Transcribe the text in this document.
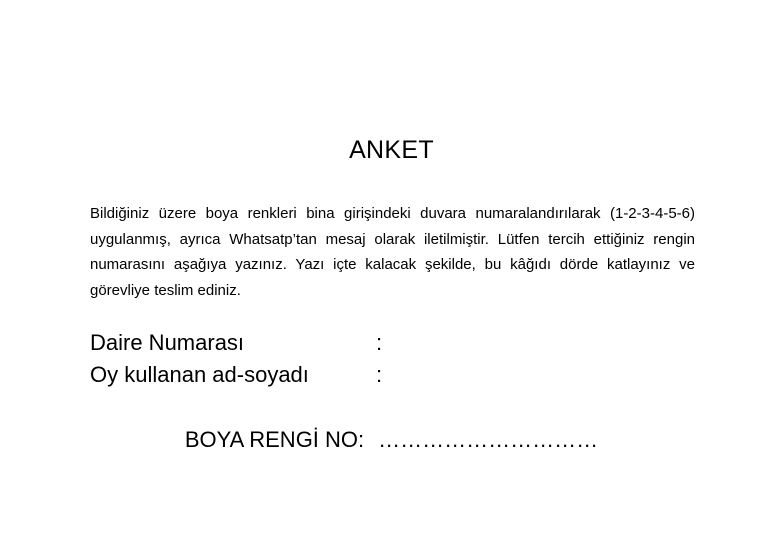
ANKET
Bildiğiniz üzere boya renkleri bina girişindeki duvara numaralandırılarak (1-2-3-4-5-6) uygulanmış, ayrıca Whatsatp’tan mesaj olarak iletilmiştir. Lütfen tercih ettiğiniz rengin numarasını aşağıya yazınız. Yazı içte kalacak şekilde, bu kâğıdı dörde katlayınız ve görevliye teslim ediniz.
Daire Numarası	:
Oy kullanan ad-soyadı	:
BOYA RENGİ NO: …………………………
